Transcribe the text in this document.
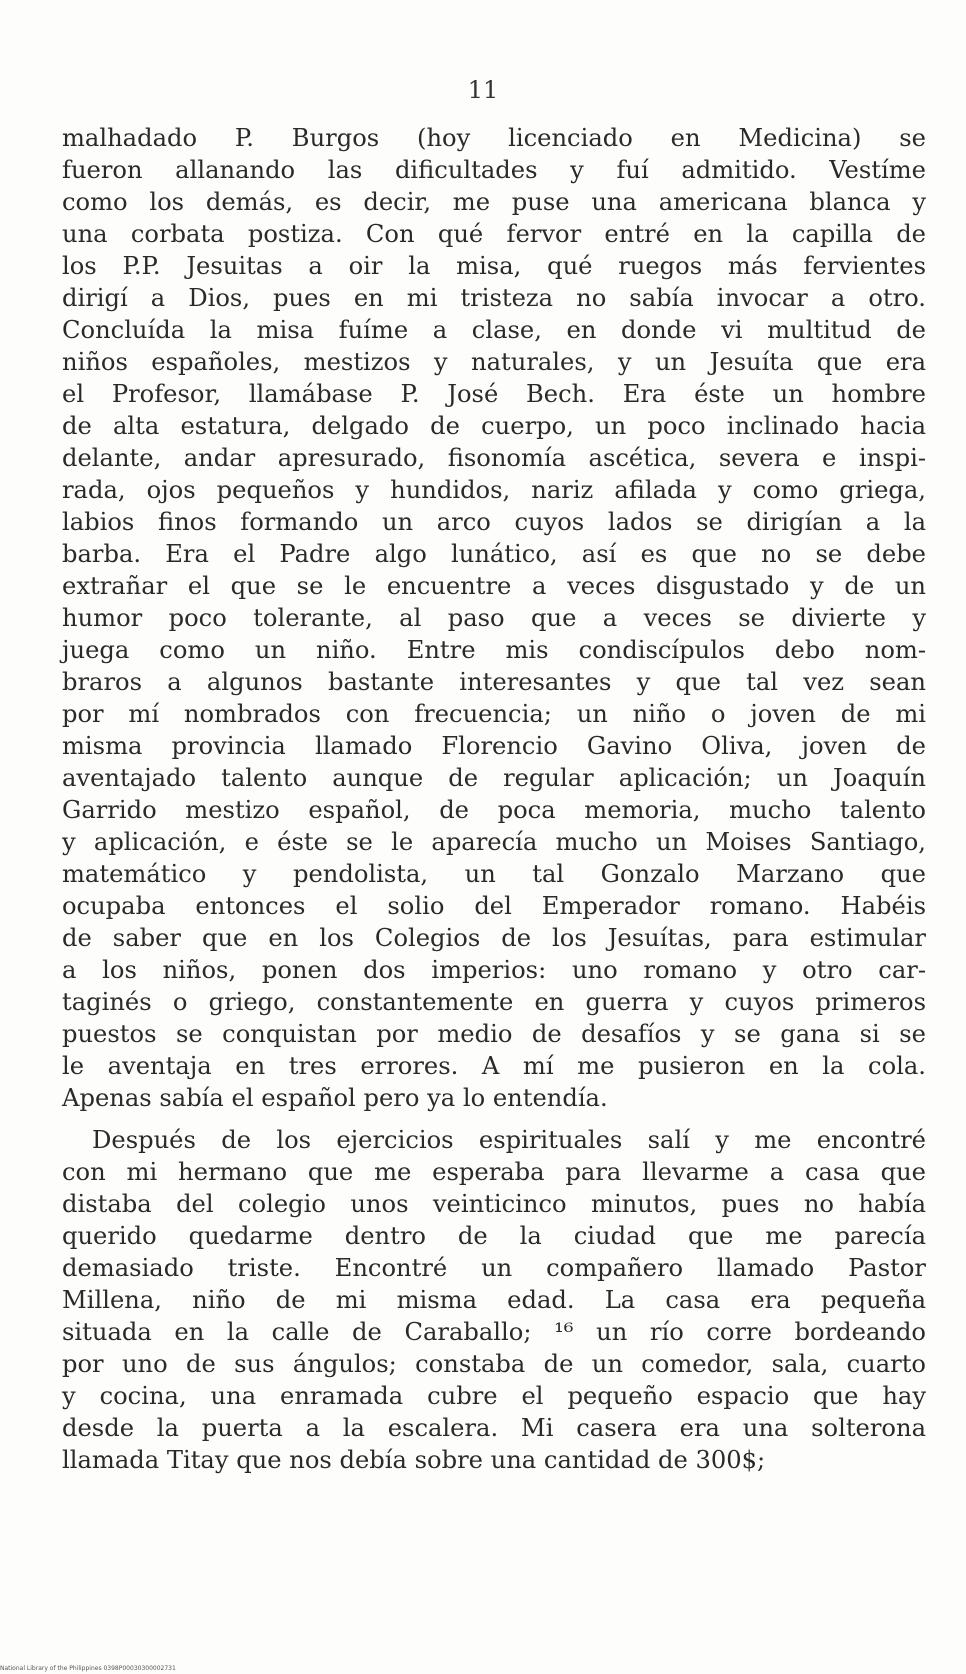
11
malhadado P. Burgos (hoy licenciado en Medicina) se
fueron allanando las dificultades y fuí admitido. Vestíme
como los demás, es decir, me puse una americana blanca y
una corbata postiza. Con qué fervor entré en la capilla de
los P.P. Jesuitas a oir la misa, qué ruegos más fervientes
dirigí a Dios, pues en mi tristeza no sabía invocar a otro.
Concluída la misa fuíme a clase, en donde vi multitud de
niños españoles, mestizos y naturales, y un Jesuíta que era
el Profesor, llamábase P. José Bech. Era éste un hombre
de alta estatura, delgado de cuerpo, un poco inclinado hacia
delante, andar apresurado, fisonomía ascética, severa e inspi-
rada, ojos pequeños y hundidos, nariz afilada y como griega,
labios finos formando un arco cuyos lados se dirigían a la
barba. Era el Padre algo lunático, así es que no se debe
extrañar el que se le encuentre a veces disgustado y de un
humor poco tolerante, al paso que a veces se divierte y
juega como un niño. Entre mis condiscípulos debo nom-
braros a algunos bastante interesantes y que tal vez sean
por mí nombrados con frecuencia; un niño o joven de mi
misma provincia llamado Florencio Gavino Oliva, joven de
aventajado talento aunque de regular aplicación; un Joaquín
Garrido mestizo español, de poca memoria, mucho talento
y aplicación, e éste se le aparecía mucho un Moises Santiago,
matemático y pendolista, un tal Gonzalo Marzano que
ocupaba entonces el solio del Emperador romano. Habéis
de saber que en los Colegios de los Jesuítas, para estimular
a los niños, ponen dos imperios: uno romano y otro car-
taginés o griego, constantemente en guerra y cuyos primeros
puestos se conquistan por medio de desafíos y se gana si se
le aventaja en tres errores. A mí me pusieron en la cola.
Apenas sabía el español pero ya lo entendía.
Después de los ejercicios espirituales salí y me encontré
con mi hermano que me esperaba para llevarme a casa que
distaba del colegio unos veinticinco minutos, pues no había
querido quedarme dentro de la ciudad que me parecía
demasiado triste. Encontré un compañero llamado Pastor
Millena, niño de mi misma edad. La casa era pequeña
situada en la calle de Caraballo; ¹⁶ un río corre bordeando
por uno de sus ángulos; constaba de un comedor, sala, cuarto
y cocina, una enramada cubre el pequeño espacio que hay
desde la puerta a la escalera. Mi casera era una solterona
llamada Titay que nos debía sobre una cantidad de 300$;
National Library of the Philippines 0398P00030300002731
